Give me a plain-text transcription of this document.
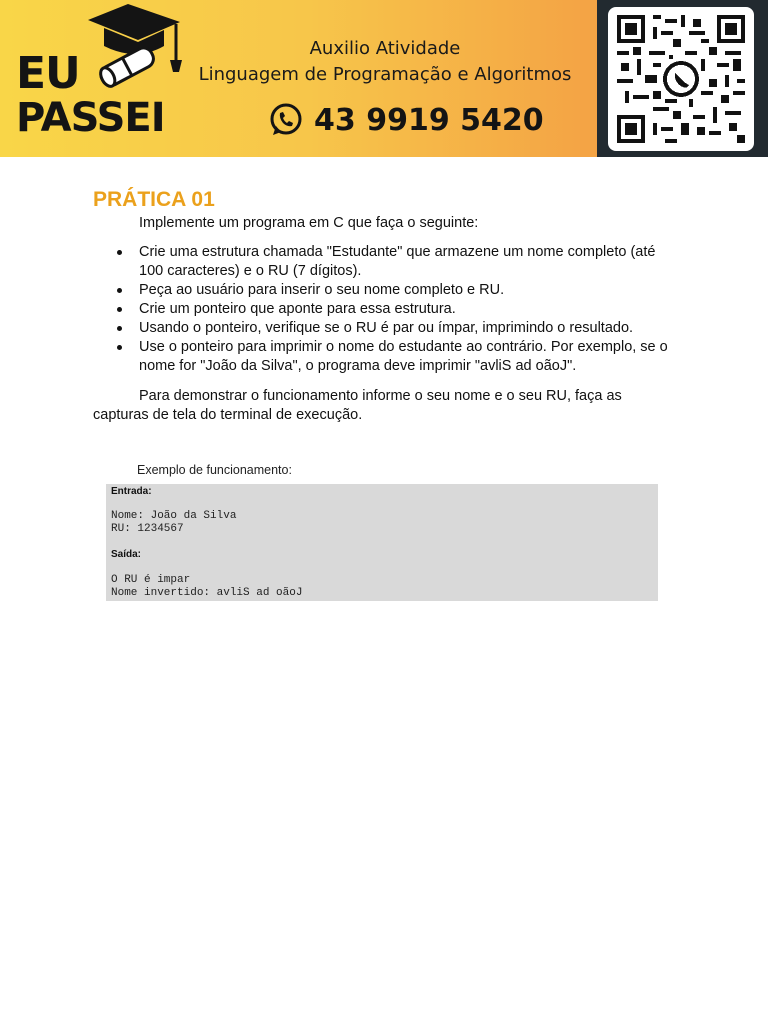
EU
PASSEI
Auxilio Atividade
Linguagem de Programação e Algoritmos
43 9919 5420
PRÁTICA 01

Implemente um programa em C que faça o seguinte:

Crie uma estrutura chamada "Estudante" que armazene um nome completo (até 100 caracteres) e o RU (7 dígitos).
Peça ao usuário para inserir o seu nome completo e RU.
Crie um ponteiro que aponte para essa estrutura.
Usando o ponteiro, verifique se o RU é par ou ímpar, imprimindo o resultado.
Use o ponteiro para imprimir o nome do estudante ao contrário. Por exemplo, se o nome for "João da Silva", o programa deve imprimir "avliS ad oãoJ".

Para demonstrar o funcionamento informe o seu nome e o seu RU, faça as capturas de tela do terminal de execução.

Exemplo de funcionamento:
Entrada:
Nome: João da Silva
RU: 1234567
Saída:
O RU é impar
Nome invertido: avliS ad oãoJ
